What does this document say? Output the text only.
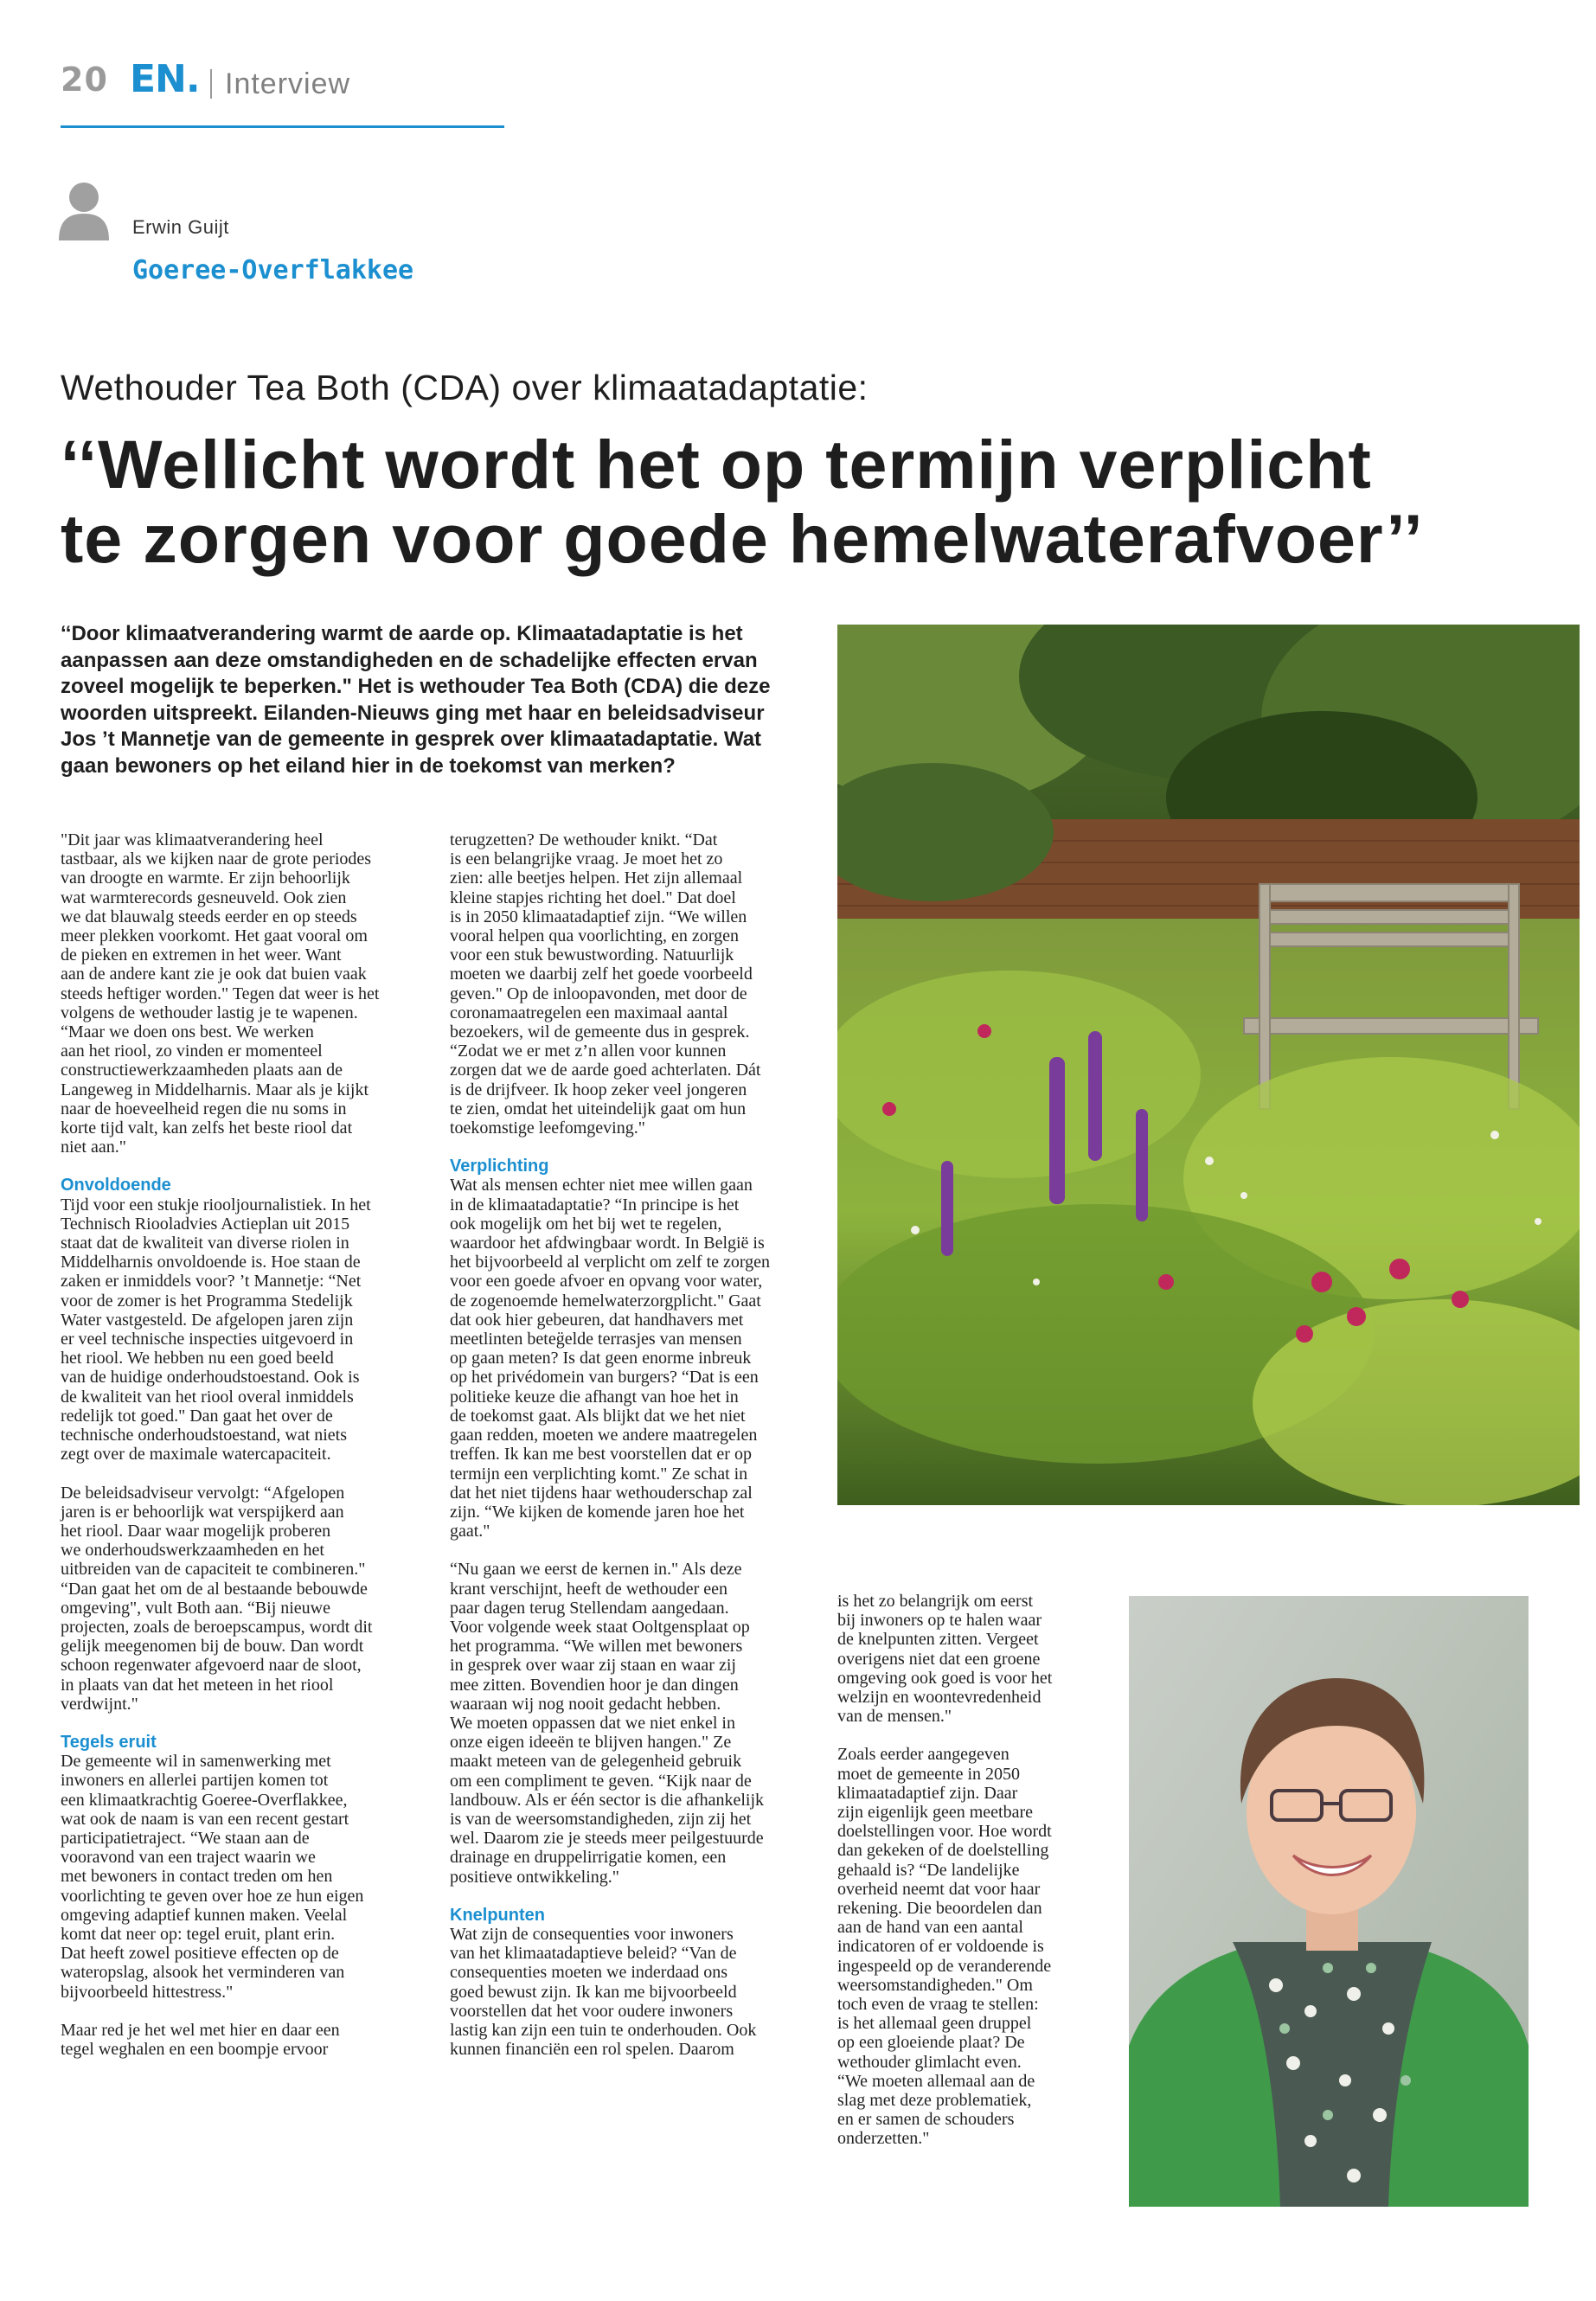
20 EN. Interview
Erwin Guijt
Goeree-Overflakkee
Wethouder Tea Both (CDA) over klimaatadaptatie:
‘‘Wellicht wordt het op termijn verplicht
te zorgen voor goede hemelwaterafvoer’’

‘‘Door klimaatverandering warmt de aarde op. Klimaatadaptatie is het
aanpassen aan deze omstandigheden en de schadelijke effecten ervan
zoveel mogelijk te beperken." Het is wethouder Tea Both (CDA) die deze
woorden uitspreekt. Eilanden-Nieuws ging met haar en beleidsadviseur
Jos ’t Mannetje van de gemeente in gesprek over klimaatadaptatie. Wat
gaan bewoners op het eiland hier in de toekomst van merken?

"Dit jaar was klimaatverandering heel
tastbaar, als we kijken naar de grote periodes
van droogte en warmte. Er zijn behoorlijk
wat warmterecords gesneuveld. Ook zien
we dat blauwalg steeds eerder en op steeds
meer plekken voorkomt. Het gaat vooral om
de pieken en extremen in het weer. Want
aan de andere kant zie je ook dat buien vaak
steeds heftiger worden." Tegen dat weer is het
volgens de wethouder lastig je te wapenen.
“Maar we doen ons best. We werken
aan het riool, zo vinden er momenteel
constructiewerkzaamheden plaats aan de
Langeweg in Middelharnis. Maar als je kijkt
naar de hoeveelheid regen die nu soms in
korte tijd valt, kan zelfs het beste riool dat
niet aan."
Onvoldoende
Tijd voor een stukje riooljournalistiek. In het
Technisch Riooladvies Actieplan uit 2015
staat dat de kwaliteit van diverse riolen in
Middelharnis onvoldoende is. Hoe staan de
zaken er inmiddels voor? ’t Mannetje: “Net
voor de zomer is het Programma Stedelijk
Water vastgesteld. De afgelopen jaren zijn
er veel technische inspecties uitgevoerd in
het riool. We hebben nu een goed beeld
van de huidige onderhoudstoestand. Ook is
de kwaliteit van het riool overal inmiddels
redelijk tot goed." Dan gaat het over de
technische onderhoudstoestand, wat niets
zegt over de maximale watercapaciteit.
De beleidsadviseur vervolgt: “Afgelopen
jaren is er behoorlijk wat verspijkerd aan
het riool. Daar waar mogelijk proberen
we onderhoudswerkzaamheden en het
uitbreiden van de capaciteit te combineren."
“Dan gaat het om de al bestaande bebouwde
omgeving", vult Both aan. “Bij nieuwe
projecten, zoals de beroepscampus, wordt dit
gelijk meegenomen bij de bouw. Dan wordt
schoon regenwater afgevoerd naar de sloot,
in plaats van dat het meteen in het riool
verdwijnt."
Tegels eruit
De gemeente wil in samenwerking met
inwoners en allerlei partijen komen tot
een klimaatkrachtig Goeree-Overflakkee,
wat ook de naam is van een recent gestart
participatietraject. “We staan aan de
vooravond van een traject waarin we
met bewoners in contact treden om hen
voorlichting te geven over hoe ze hun eigen
omgeving adaptief kunnen maken. Veelal
komt dat neer op: tegel eruit, plant erin.
Dat heeft zowel positieve effecten op de
wateropslag, alsook het verminderen van
bijvoorbeeld hittestress."
Maar red je het wel met hier en daar een
tegel weghalen en een boompje ervoor
terugzetten? De wethouder knikt. “Dat
is een belangrijke vraag. Je moet het zo
zien: alle beetjes helpen. Het zijn allemaal
kleine stapjes richting het doel." Dat doel
is in 2050 klimaatadaptief zijn. “We willen
vooral helpen qua voorlichting, en zorgen
voor een stuk bewustwording. Natuurlijk
moeten we daarbij zelf het goede voorbeeld
geven." Op de inloopavonden, met door de
coronamaatregelen een maximaal aantal
bezoekers, wil de gemeente dus in gesprek.
“Zodat we er met z’n allen voor kunnen
zorgen dat we de aarde goed achterlaten. Dát
is de drijfveer. Ik hoop zeker veel jongeren
te zien, omdat het uiteindelijk gaat om hun
toekomstige leefomgeving."
Verplichting
Wat als mensen echter niet mee willen gaan
in de klimaatadaptatie? “In principe is het
ook mogelijk om het bij wet te regelen,
waardoor het afdwingbaar wordt. In België is
het bijvoorbeeld al verplicht om zelf te zorgen
voor een goede afvoer en opvang voor water,
de zogenoemde hemelwaterzorgplicht." Gaat
dat ook hier gebeuren, dat handhavers met
meetlinten beteg̈elde terrasjes van mensen
op gaan meten? Is dat geen enorme inbreuk
op het privédomein van burgers? “Dat is een
politieke keuze die afhangt van hoe het in
de toekomst gaat. Als blijkt dat we het niet
gaan redden, moeten we andere maatregelen
treffen. Ik kan me best voorstellen dat er op
termijn een verplichting komt." Ze schat in
dat het niet tijdens haar wethouderschap zal
zijn. “We kijken de komende jaren hoe het
gaat."
“Nu gaan we eerst de kernen in." Als deze
krant verschijnt, heeft de wethouder een
paar dagen terug Stellendam aangedaan.
Voor volgende week staat Ooltgensplaat op
het programma. “We willen met bewoners
in gesprek over waar zij staan en waar zij
mee zitten. Bovendien hoor je dan dingen
waaraan wij nog nooit gedacht hebben.
We moeten oppassen dat we niet enkel in
onze eigen ideeën te blijven hangen." Ze
maakt meteen van de gelegenheid gebruik
om een compliment te geven. “Kijk naar de
landbouw. Als er één sector is die afhankelijk
is van de weersomstandigheden, zijn zij het
wel. Daarom zie je steeds meer peilgestuurde
drainage en druppelirrigatie komen, een
positieve ontwikkeling."
Knelpunten
Wat zijn de consequenties voor inwoners
van het klimaatadaptieve beleid? “Van de
consequenties moeten we inderdaad ons
goed bewust zijn. Ik kan me bijvoorbeeld
voorstellen dat het voor oudere inwoners
lastig kan zijn een tuin te onderhouden. Ook
kunnen financiën een rol spelen. Daarom
is het zo belangrijk om eerst
bij inwoners op te halen waar
de knelpunten zitten. Vergeet
overigens niet dat een groene
omgeving ook goed is voor het
welzijn en woontevredenheid
van de mensen."
Zoals eerder aangegeven
moet de gemeente in 2050
klimaatadaptief zijn. Daar
zijn eigenlijk geen meetbare
doelstellingen voor. Hoe wordt
dan gekeken of de doelstelling
gehaald is? “De landelijke
overheid neemt dat voor haar
rekening. Die beoordelen dan
aan de hand van een aantal
indicatoren of er voldoende is
ingespeeld op de veranderende
weersomstandigheden." Om
toch even de vraag te stellen:
is het allemaal geen druppel
op een gloeiende plaat? De
wethouder glimlacht even.
“We moeten allemaal aan de
slag met deze problematiek,
en er samen de schouders
onderzetten."
